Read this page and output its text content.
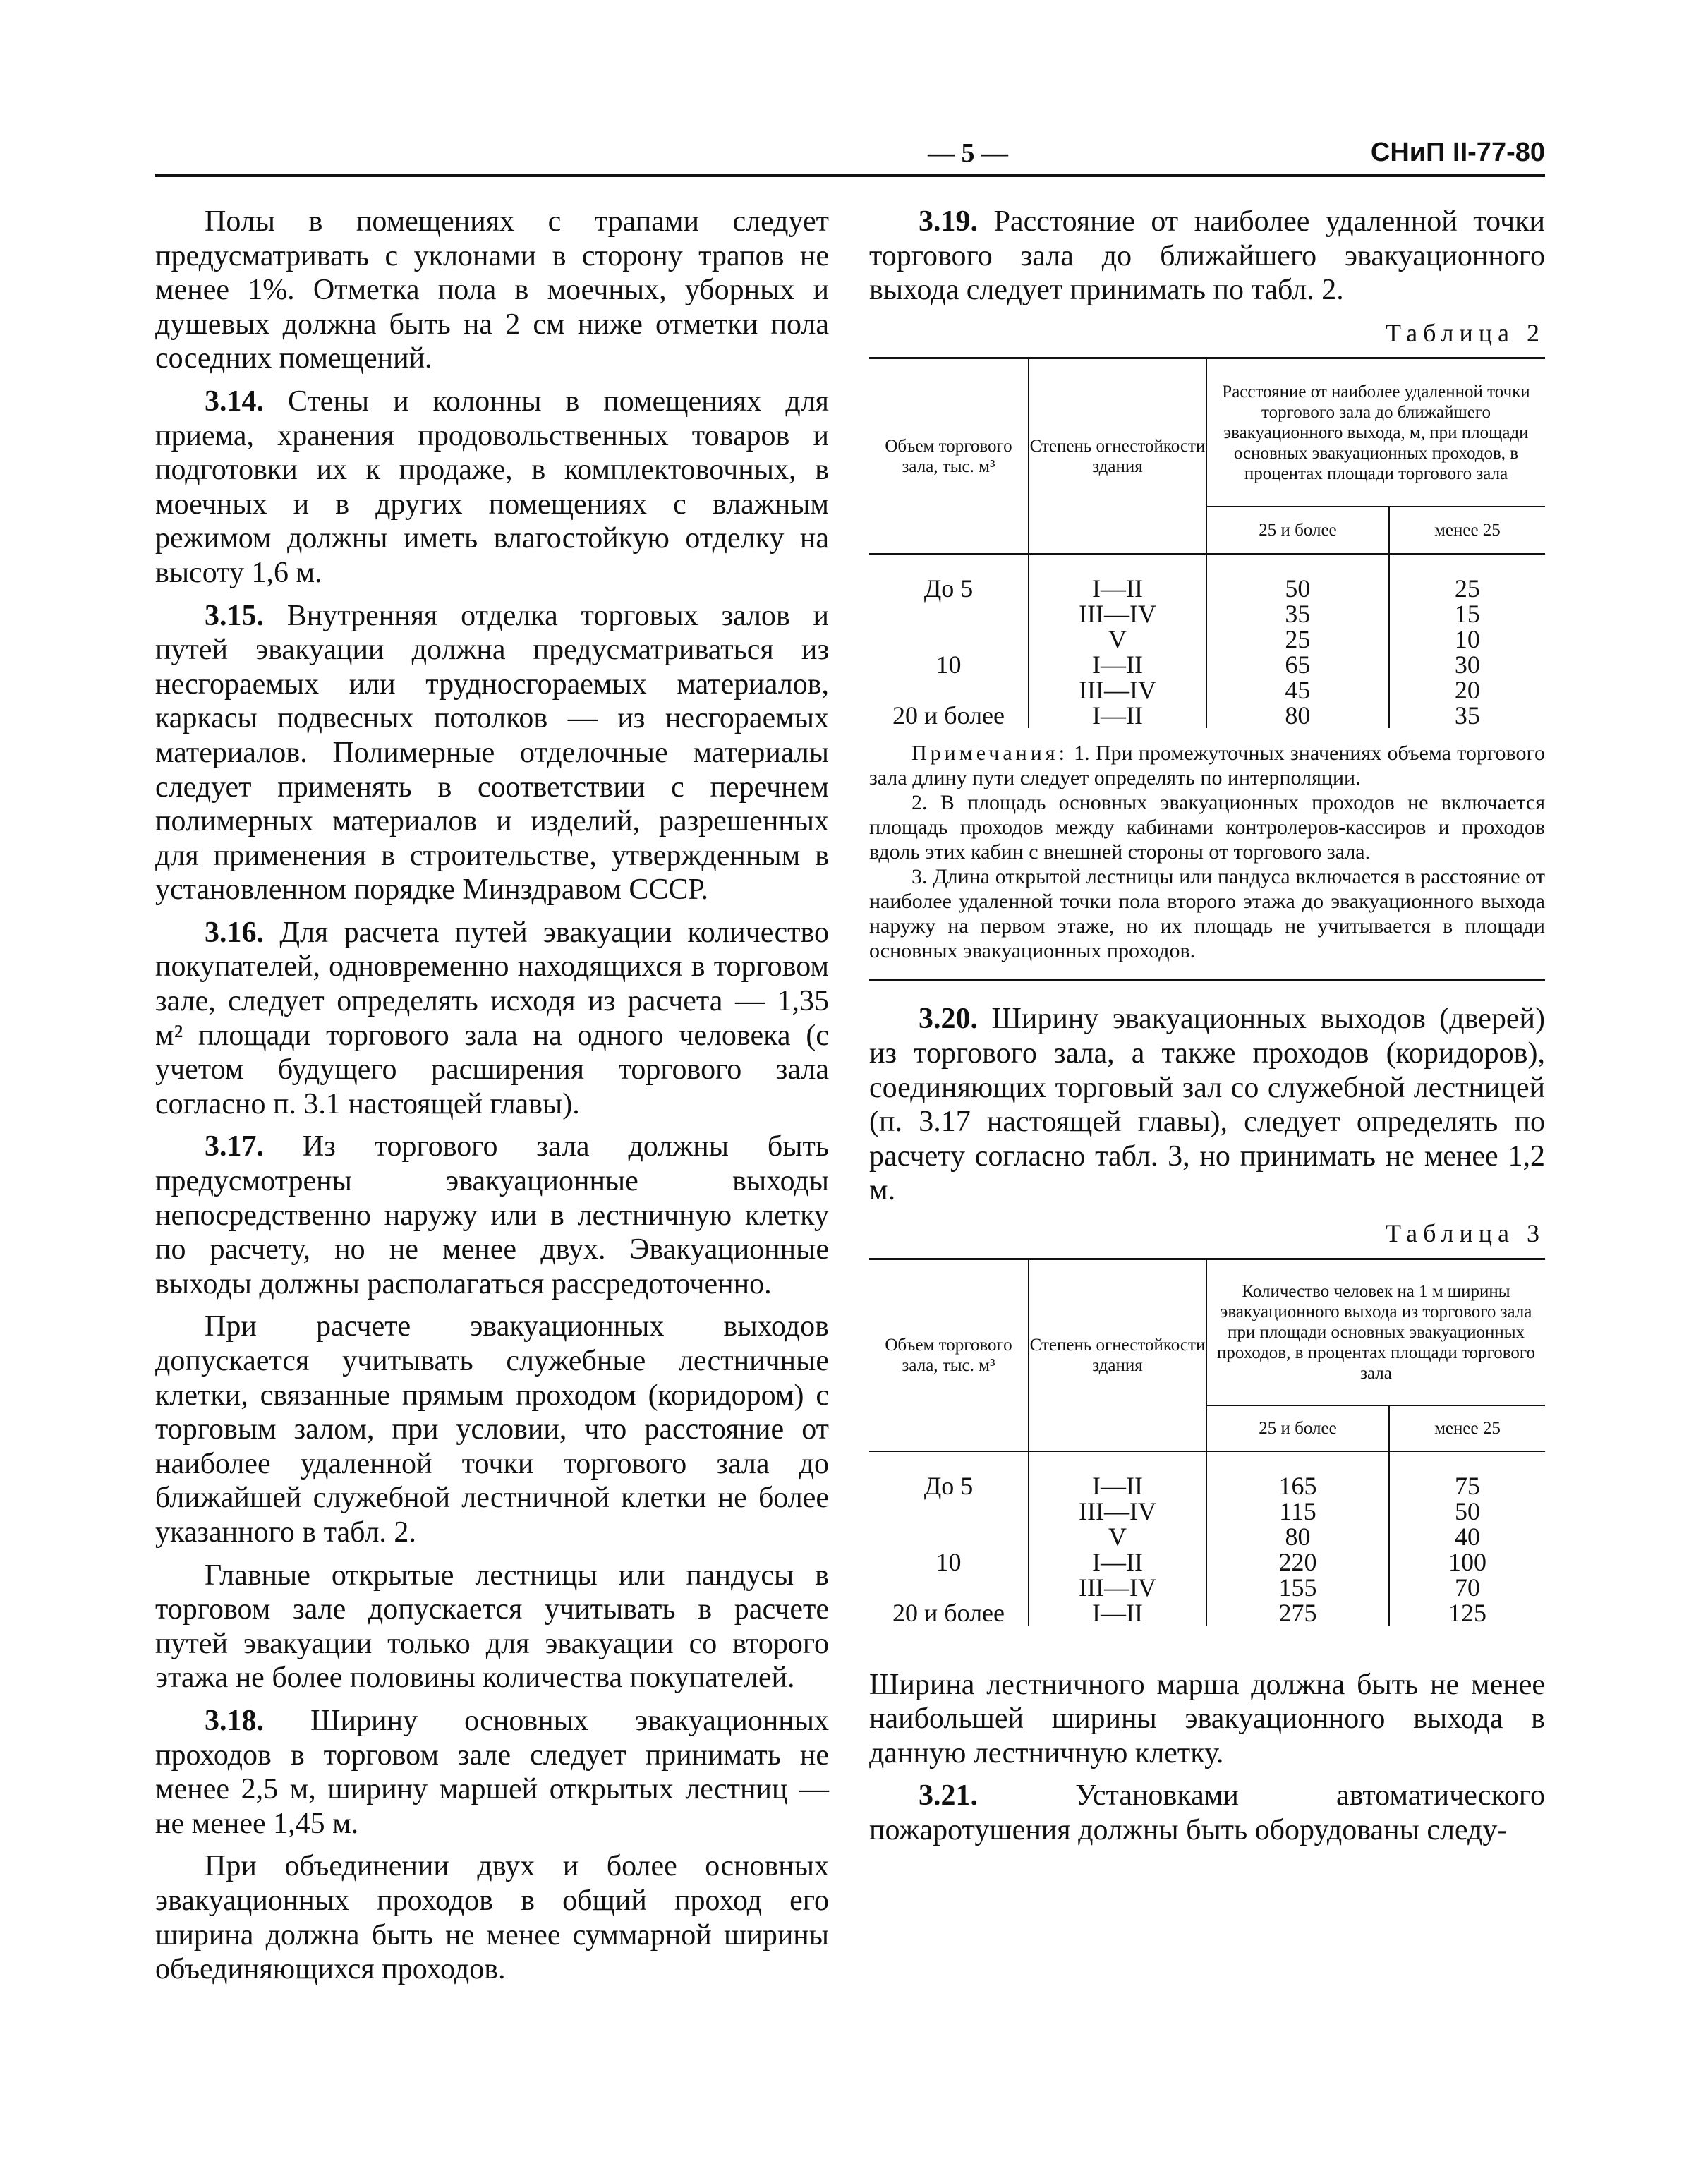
— 5 —	СНиП II-77-80

Полы в помещениях с трапами следует предусматривать с уклонами в сторону трапов не менее 1%. Отметка пола в моечных, уборных и душевых должна быть на 2 см ниже отметки пола соседних помещений.

3.14. Стены и колонны в помещениях для приема, хранения продовольственных товаров и подготовки их к продаже, в комплектовочных, в моечных и в других помещениях с влажным режимом должны иметь влагостойкую отделку на высоту 1,6 м.

3.15. Внутренняя отделка торговых залов и путей эвакуации должна предусматриваться из несгораемых или трудносгораемых материалов, каркасы подвесных потолков — из несгораемых материалов. Полимерные отделочные материалы следует применять в соответствии с перечнем полимерных материалов и изделий, разрешенных для применения в строительстве, утвержденным в установленном порядке Минздравом СССР.

3.16. Для расчета путей эвакуации количество покупателей, одновременно находящихся в торговом зале, следует определять исходя из расчета — 1,35 м² площади торгового зала на одного человека (с учетом будущего расширения торгового зала согласно п. 3.1 настоящей главы).

3.17. Из торгового зала должны быть предусмотрены эвакуационные выходы непосредственно наружу или в лестничную клетку по расчету, но не менее двух. Эвакуационные выходы должны располагаться рассредоточенно.

При расчете эвакуационных выходов допускается учитывать служебные лестничные клетки, связанные прямым проходом (коридором) с торговым залом, при условии, что расстояние от наиболее удаленной точки торгового зала до ближайшей служебной лестничной клетки не более указанного в табл. 2.

Главные открытые лестницы или пандусы в торговом зале допускается учитывать в расчете путей эвакуации только для эвакуации со второго этажа не более половины количества покупателей.

3.18. Ширину основных эвакуационных проходов в торговом зале следует принимать не менее 2,5 м, ширину маршей открытых лестниц — не менее 1,45 м.

При объединении двух и более основных эвакуационных проходов в общий проход его ширина должна быть не менее суммарной ширины объединяющихся проходов.

3.19. Расстояние от наиболее удаленной точки торгового зала до ближайшего эвакуационного выхода следует принимать по табл. 2.

Таблица 2
Объем торгового зала, тыс. м³	Степень огнестойкости здания	Расстояние от наиболее удаленной точки торгового зала до ближайшего эвакуационного выхода, м, при площади основных эвакуационных проходов, в процентах площади торгового зала	
		25 и более	менее 25

До 5	I—II	50	25
	III—IV	35	15
	V	25	10
10	I—II	65	30
	III—IV	45	20
20 и более	I—II	80	35

Примечания: 1. При промежуточных значениях объема торгового зала длину пути следует определять по интерполяции.

2. В площадь основных эвакуационных проходов не включается площадь проходов между кабинами контролеров-кассиров и проходов вдоль этих кабин с внешней стороны от торгового зала.

3. Длина открытой лестницы или пандуса включается в расстояние от наиболее удаленной точки пола второго этажа до эвакуационного выхода наружу на первом этаже, но их площадь не учитывается в площади основных эвакуационных проходов.

3.20. Ширину эвакуационных выходов (дверей) из торгового зала, а также проходов (коридоров), соединяющих торговый зал со служебной лестницей (п. 3.17 настоящей главы), следует определять по расчету согласно табл. 3, но принимать не менее 1,2 м.

Таблица 3
Объем торгового зала, тыс. м³	Степень огнестойкости здания	Количество человек на 1 м ширины эвакуационного выхода из торгового зала при площади основных эвакуационных проходов, в процентах площади торгового зала	
		25 и более	менее 25

До 5	I—II	165	75
	III—IV	115	50
	V	80	40
10	I—II	220	100
	III—IV	155	70
20 и более	I—II	275	125

Ширина лестничного марша должна быть не менее наибольшей ширины эвакуационного выхода в данную лестничную клетку.

3.21. Установками автоматического пожаротушения должны быть оборудованы следу-
